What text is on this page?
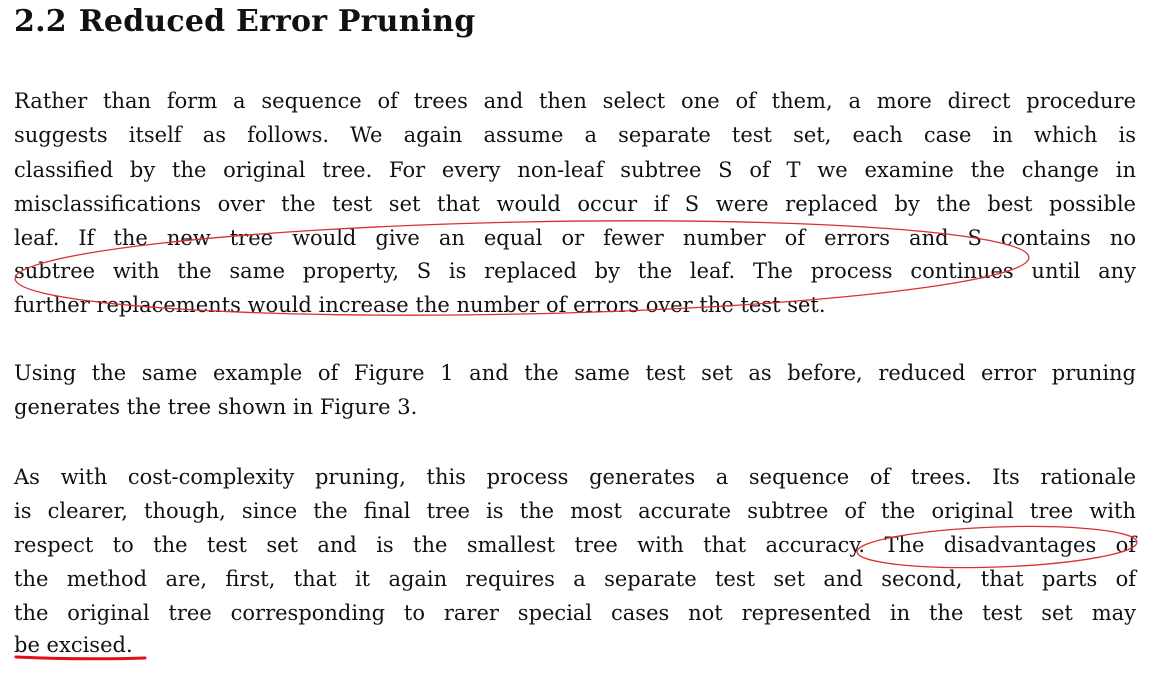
2.2 Reduced Error Pruning
Rather than form a sequence of trees and then select one of them, a more direct procedure
suggests itself as follows. We again assume a separate test set, each case in which is
classified by the original tree. For every non-leaf subtree S of T we examine the change in
misclassifications over the test set that would occur if S were replaced by the best possible
leaf. If the new tree would give an equal or fewer number of errors and S contains no
subtree with the same property, S is replaced by the leaf. The process continues until any
further replacements would increase the number of errors over the test set.
Using the same example of Figure 1 and the same test set as before, reduced error pruning
generates the tree shown in Figure 3.
As with cost-complexity pruning, this process generates a sequence of trees. Its rationale
is clearer, though, since the final tree is the most accurate subtree of the original tree with
respect to the test set and is the smallest tree with that accuracy. The disadvantages of
the method are, first, that it again requires a separate test set and second, that parts of
the original tree corresponding to rarer special cases not represented in the test set may
be excised.
